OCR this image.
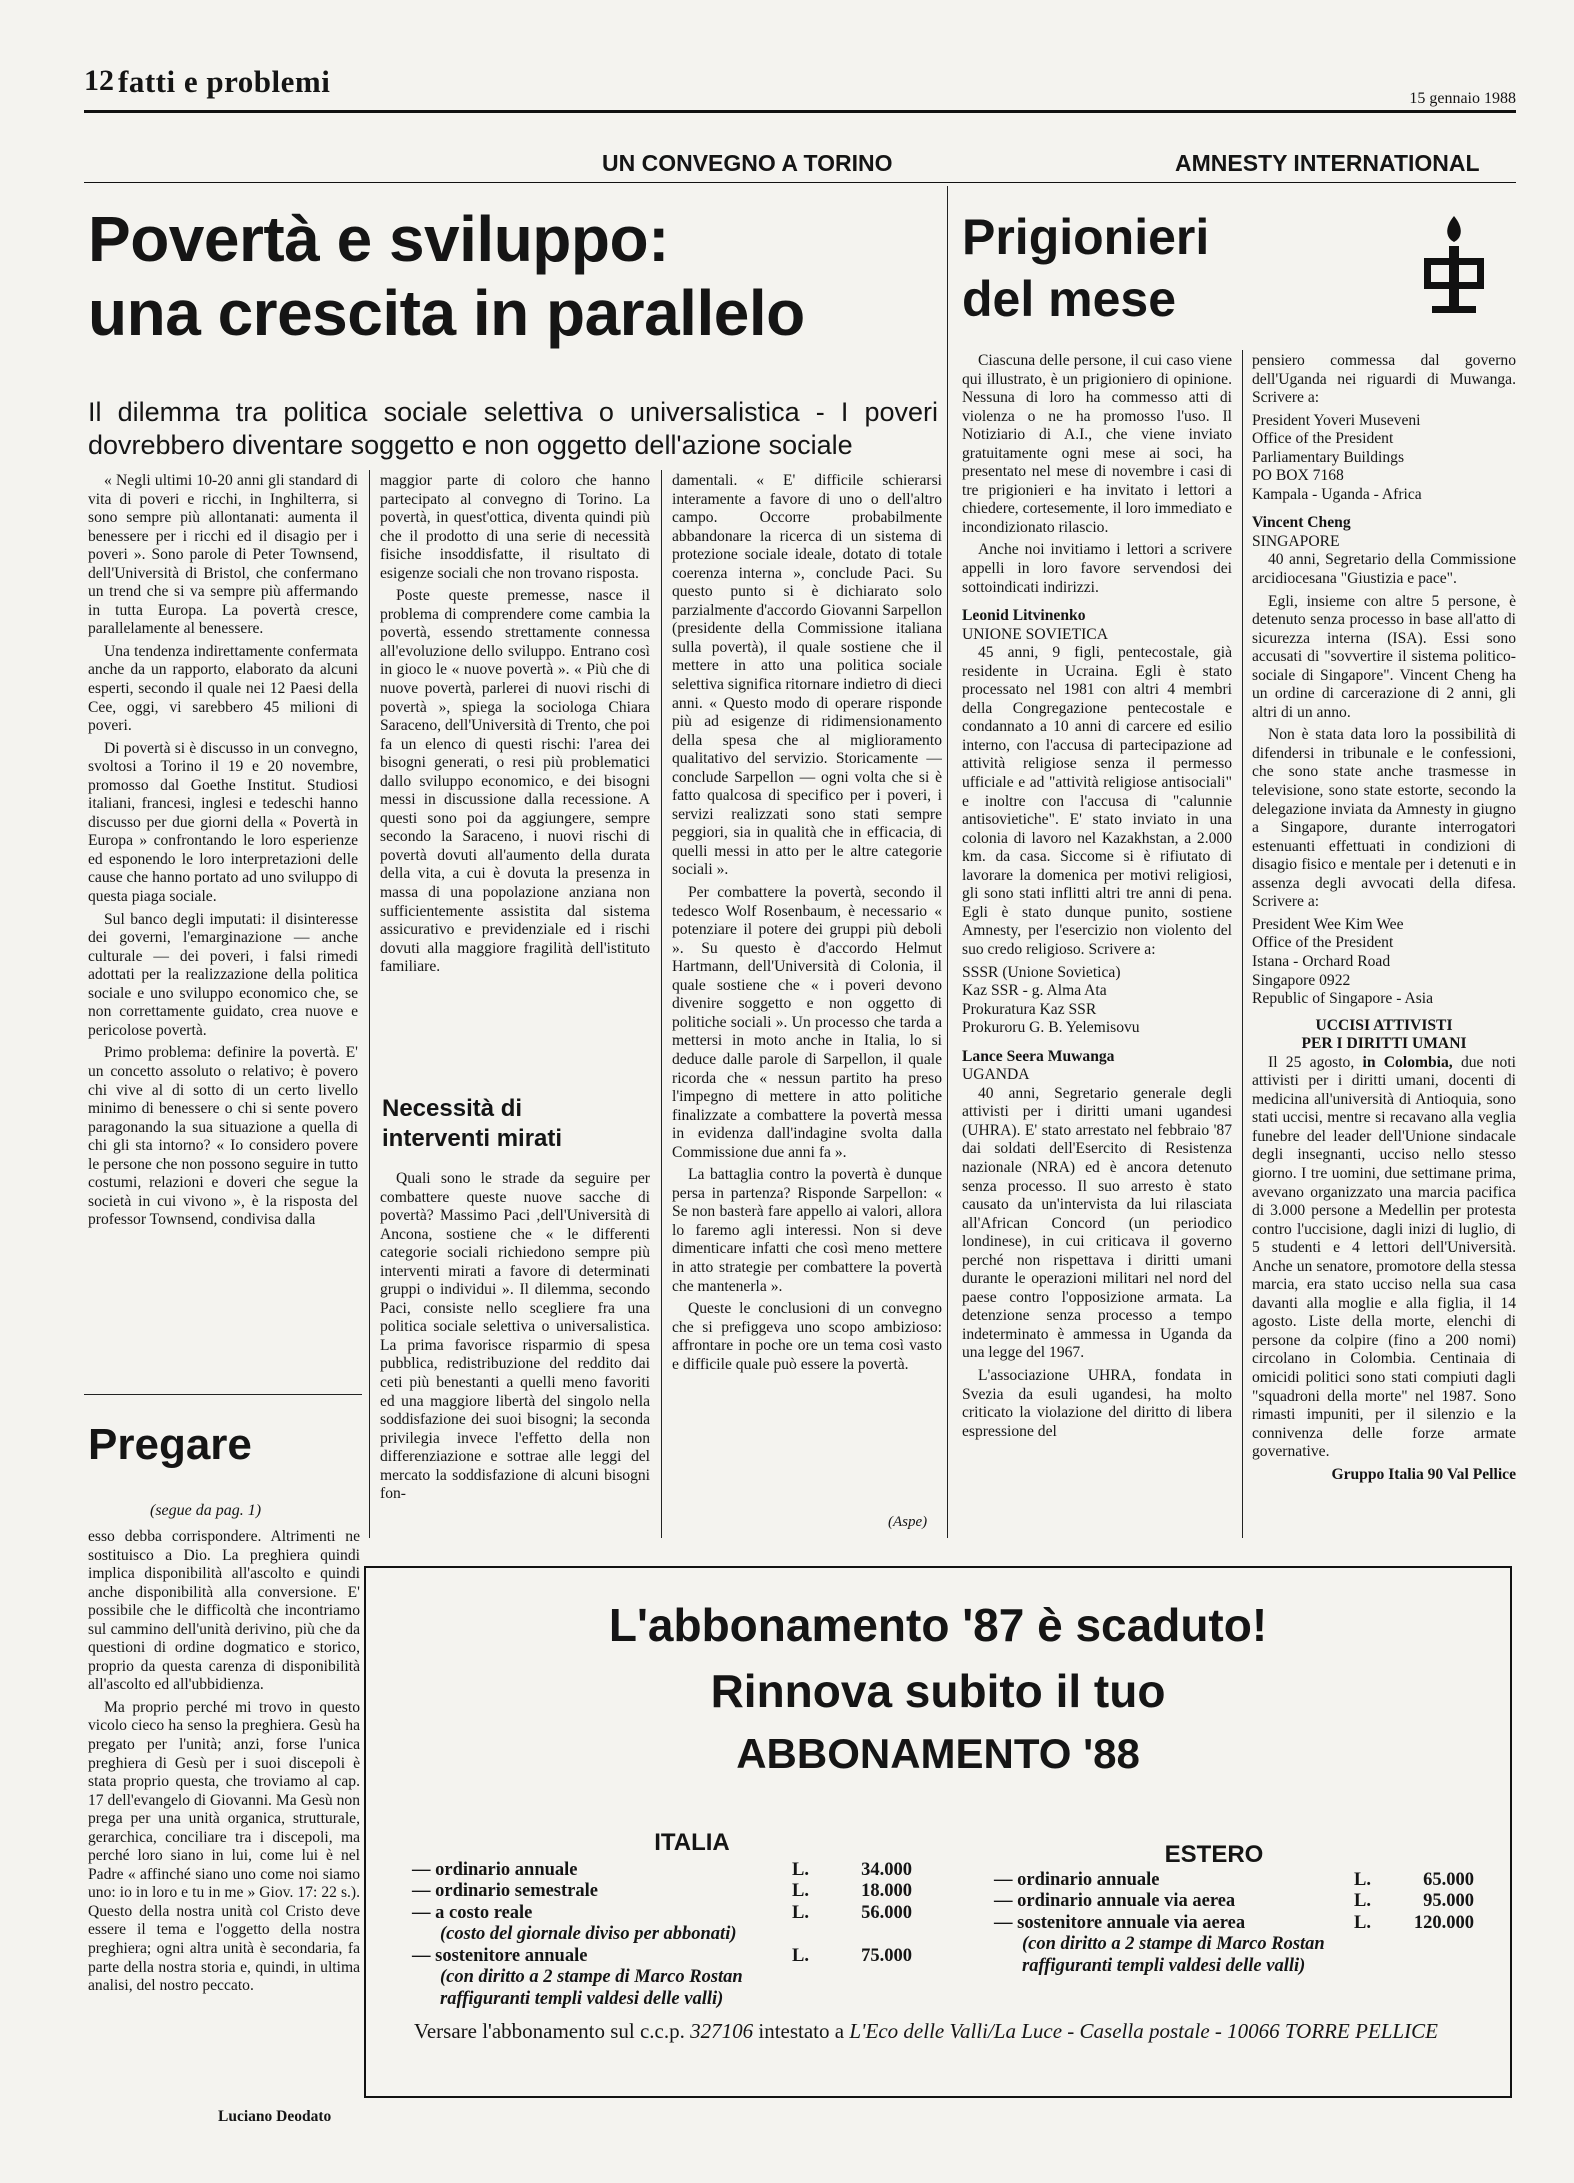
12 fatti e problemi	15 gennaio 1988
UN CONVEGNO A TORINO	AMNESTY INTERNATIONAL
Povertà e sviluppo:
una crescita in parallelo
Il dilemma tra politica sociale selettiva o universalistica - I poveri dovrebbero diventare soggetto e non oggetto dell'azione sociale
Prigionieri
del mese

« Negli ultimi 10-20 anni gli standard di vita di poveri e ricchi, in Inghilterra, si sono sempre più allontanati: aumenta il benessere per i ricchi ed il disagio per i poveri ». Sono parole di Peter Townsend, dell'Università di Bristol, che confermano un trend che si va sempre più affermando in tutta Europa. La povertà cresce, parallelamente al benessere.

Una tendenza indirettamente confermata anche da un rapporto, elaborato da alcuni esperti, secondo il quale nei 12 Paesi della Cee, oggi, vi sarebbero 45 milioni di poveri.

Di povertà si è discusso in un convegno, svoltosi a Torino il 19 e 20 novembre, promosso dal Goethe Institut. Studiosi italiani, francesi, inglesi e tedeschi hanno discusso per due giorni della « Povertà in Europa » confrontando le loro esperienze ed esponendo le loro interpretazioni delle cause che hanno portato ad uno sviluppo di questa piaga sociale.

Sul banco degli imputati: il disinteresse dei governi, l'emarginazione — anche culturale — dei poveri, i falsi rimedi adottati per la realizzazione della politica sociale e uno sviluppo economico che, se non correttamente guidato, crea nuove e pericolose povertà.

Primo problema: definire la povertà. E' un concetto assoluto o relativo; è povero chi vive al di sotto di un certo livello minimo di benessere o chi si sente povero paragonando la sua situazione a quella di chi gli sta intorno? « Io considero povere le persone che non possono seguire in tutto costumi, relazioni e doveri che segue la società in cui vivono », è la risposta del professor Townsend, condivisa dalla

maggior parte di coloro che hanno partecipato al convegno di Torino. La povertà, in quest'ottica, diventa quindi più che il prodotto di una serie di necessità fisiche insoddisfatte, il risultato di esigenze sociali che non trovano risposta.

Poste queste premesse, nasce il problema di comprendere come cambia la povertà, essendo strettamente connessa all'evoluzione dello sviluppo. Entrano così in gioco le « nuove povertà ». « Più che di nuove povertà, parlerei di nuovi rischi di povertà », spiega la sociologa Chiara Saraceno, dell'Università di Trento, che poi fa un elenco di questi rischi: l'area dei bisogni generati, o resi più problematici dallo sviluppo economico, e dei bisogni messi in discussione dalla recessione. A questi sono poi da aggiungere, sempre secondo la Saraceno, i nuovi rischi di povertà dovuti all'aumento della durata della vita, a cui è dovuta la presenza in massa di una popolazione anziana non sufficientemente assistita dal sistema assicurativo e previdenziale ed i rischi dovuti alla maggiore fragilità dell'istituto familiare.

Necessità di interventi mirati

Quali sono le strade da seguire per combattere queste nuove sacche di povertà? Massimo Paci ,dell'Università di Ancona, sostiene che « le differenti categorie sociali richiedono sempre più interventi mirati a favore di determinati gruppi o individui ». Il dilemma, secondo Paci, consiste nello scegliere fra una politica sociale selettiva o universalistica. La prima favorisce risparmio di spesa pubblica, redistribuzione del reddito dai ceti più benestanti a quelli meno favoriti ed una maggiore libertà del singolo nella soddisfazione dei suoi bisogni; la seconda privilegia invece l'effetto della non differenziazione e sottrae alle leggi del mercato la soddisfazione di alcuni bisogni fon-

damentali. « E' difficile schierarsi interamente a favore di uno o dell'altro campo. Occorre probabilmente abbandonare la ricerca di un sistema di protezione sociale ideale, dotato di totale coerenza interna », conclude Paci. Su questo punto si è dichiarato solo parzialmente d'accordo Giovanni Sarpellon (presidente della Commissione italiana sulla povertà), il quale sostiene che il mettere in atto una politica sociale selettiva significa ritornare indietro di dieci anni. « Questo modo di operare risponde più ad esigenze di ridimensionamento della spesa che al miglioramento qualitativo del servizio. Storicamente — conclude Sarpellon — ogni volta che si è fatto qualcosa di specifico per i poveri, i servizi realizzati sono stati sempre peggiori, sia in qualità che in efficacia, di quelli messi in atto per le altre categorie sociali ».

Per combattere la povertà, secondo il tedesco Wolf Rosenbaum, è necessario « potenziare il potere dei gruppi più deboli ». Su questo è d'accordo Helmut Hartmann, dell'Università di Colonia, il quale sostiene che « i poveri devono divenire soggetto e non oggetto di politiche sociali ». Un processo che tarda a mettersi in moto anche in Italia, lo si deduce dalle parole di Sarpellon, il quale ricorda che « nessun partito ha preso l'impegno di mettere in atto politiche finalizzate a combattere la povertà messa in evidenza dall'indagine svolta dalla Commissione due anni fa ».

La battaglia contro la povertà è dunque persa in partenza? Risponde Sarpellon: « Se non basterà fare appello ai valori, allora lo faremo agli interessi. Non si deve dimenticare infatti che così meno mettere in atto strategie per combattere la povertà che mantenerla ».

Queste le conclusioni di un convegno che si prefiggeva uno scopo ambizioso: affrontare in poche ore un tema così vasto e difficile quale può essere la povertà.

(Aspe)
Pregare
(segue da pag. 1)

esso debba corrispondere. Altrimenti ne sostituisco a Dio. La preghiera quindi implica disponibilità all'ascolto e quindi anche disponibilità alla conversione. E' possibile che le difficoltà che incontriamo sul cammino dell'unità derivino, più che da questioni di ordine dogmatico e storico, proprio da questa carenza di disponibilità all'ascolto ed all'ubbidienza.

Ma proprio perché mi trovo in questo vicolo cieco ha senso la preghiera. Gesù ha pregato per l'unità; anzi, forse l'unica preghiera di Gesù per i suoi discepoli è stata proprio questa, che troviamo al cap. 17 dell'evangelo di Giovanni. Ma Gesù non prega per una unità organica, strutturale, gerarchica, conciliare tra i discepoli, ma perché loro siano in lui, come lui è nel Padre « affinché siano uno come noi siamo uno: io in loro e tu in me » Giov. 17: 22 s.). Questo della nostra unità col Cristo deve essere il tema e l'oggetto della nostra preghiera; ogni altra unità è secondaria, fa parte della nostra storia e, quindi, in ultima analisi, del nostro peccato.

Luciano Deodato

Ciascuna delle persone, il cui caso viene qui illustrato, è un prigioniero di opinione. Nessuna di loro ha commesso atti di violenza o ne ha promosso l'uso. Il Notiziario di A.I., che viene inviato gratuitamente ogni mese ai soci, ha presentato nel mese di novembre i casi di tre prigionieri e ha invitato i lettori a chiedere, cortesemente, il loro immediato e incondizionato rilascio.

Anche noi invitiamo i lettori a scrivere appelli in loro favore servendosi dei sottoindicati indirizzi.

Leonid Litvinenko

UNIONE SOVIETICA

45 anni, 9 figli, pentecostale, già residente in Ucraina. Egli è stato processato nel 1981 con altri 4 membri della Congregazione pentecostale e condannato a 10 anni di carcere ed esilio interno, con l'accusa di partecipazione ad attività religiose senza il permesso ufficiale e ad "attività religiose antisociali" e inoltre con l'accusa di "calunnie antisovietiche". E' stato inviato in una colonia di lavoro nel Kazakhstan, a 2.000 km. da casa. Siccome si è rifiutato di lavorare la domenica per motivi religiosi, gli sono stati inflitti altri tre anni di pena. Egli è stato dunque punito, sostiene Amnesty, per l'esercizio non violento del suo credo religioso. Scrivere a:

SSSR (Unione Sovietica)

Kaz SSR - g. Alma Ata

Prokuratura Kaz SSR

Prokuroru G. B. Yelemisovu

Lance Seera Muwanga

UGANDA

40 anni, Segretario generale degli attivisti per i diritti umani ugandesi (UHRA). E' stato arrestato nel febbraio '87 dai soldati dell'Esercito di Resistenza nazionale (NRA) ed è ancora detenuto senza processo. Il suo arresto è stato causato da un'intervista da lui rilasciata all'African Concord (un periodico londinese), in cui criticava il governo perché non rispettava i diritti umani durante le operazioni militari nel nord del paese contro l'opposizione armata. La detenzione senza processo a tempo indeterminato è ammessa in Uganda da una legge del 1967.

L'associazione UHRA, fondata in Svezia da esuli ugandesi, ha molto criticato la violazione del diritto di libera espressione del

pensiero commessa dal governo dell'Uganda nei riguardi di Muwanga. Scrivere a:

President Yoveri Museveni

Office of the President

Parliamentary Buildings

PO BOX 7168

Kampala - Uganda - Africa

Vincent Cheng

SINGAPORE

40 anni, Segretario della Commissione arcidiocesana "Giustizia e pace".

Egli, insieme con altre 5 persone, è detenuto senza processo in base all'atto di sicurezza interna (ISA). Essi sono accusati di "sovvertire il sistema politico-sociale di Singapore". Vincent Cheng ha un ordine di carcerazione di 2 anni, gli altri di un anno.

Non è stata data loro la possibilità di difendersi in tribunale e le confessioni, che sono state anche trasmesse in televisione, sono state estorte, secondo la delegazione inviata da Amnesty in giugno a Singapore, durante interrogatori estenuanti effettuati in condizioni di disagio fisico e mentale per i detenuti e in assenza degli avvocati della difesa. Scrivere a:

President Wee Kim Wee

Office of the President

Istana - Orchard Road

Singapore 0922

Republic of Singapore - Asia

UCCISI ATTIVISTI

PER I DIRITTI UMANI

Il 25 agosto, in Colombia, due noti attivisti per i diritti umani, docenti di medicina all'università di Antioquia, sono stati uccisi, mentre si recavano alla veglia funebre del leader dell'Unione sindacale degli insegnanti, ucciso nello stesso giorno. I tre uomini, due settimane prima, avevano organizzato una marcia pacifica di 3.000 persone a Medellin per protesta contro l'uccisione, dagli inizi di luglio, di 5 studenti e 4 lettori dell'Università. Anche un senatore, promotore della stessa marcia, era stato ucciso nella sua casa davanti alla moglie e alla figlia, il 14 agosto. Liste della morte, elenchi di persone da colpire (fino a 200 nomi) circolano in Colombia. Centinaia di omicidi politici sono stati compiuti dagli "squadroni della morte" nel 1987. Sono rimasti impuniti, per il silenzio e la connivenza delle forze armate governative.

Gruppo Italia 90 Val Pellice

L'abbonamento '87 è scaduto!
Rinnova subito il tuo
ABBONAMENTO '88
ITALIA
— ordinario annuale	L.	34.000
— ordinario semestrale	L.	18.000
— a costo reale	L.	56.000
(costo del giornale diviso per abbonati)
— sostenitore annuale	L.	75.000
(con diritto a 2 stampe di Marco Rostan raffiguranti templi valdesi delle valli)
ESTERO
— ordinario annuale	L.	65.000
— ordinario annuale via aerea	L.	95.000
— sostenitore annuale via aerea	L.	120.000
(con diritto a 2 stampe di Marco Rostan raffiguranti templi valdesi delle valli)
Versare l'abbonamento sul c.c.p. 327106 intestato a L'Eco delle Valli/La Luce - Casella postale - 10066 TORRE PELLICE
